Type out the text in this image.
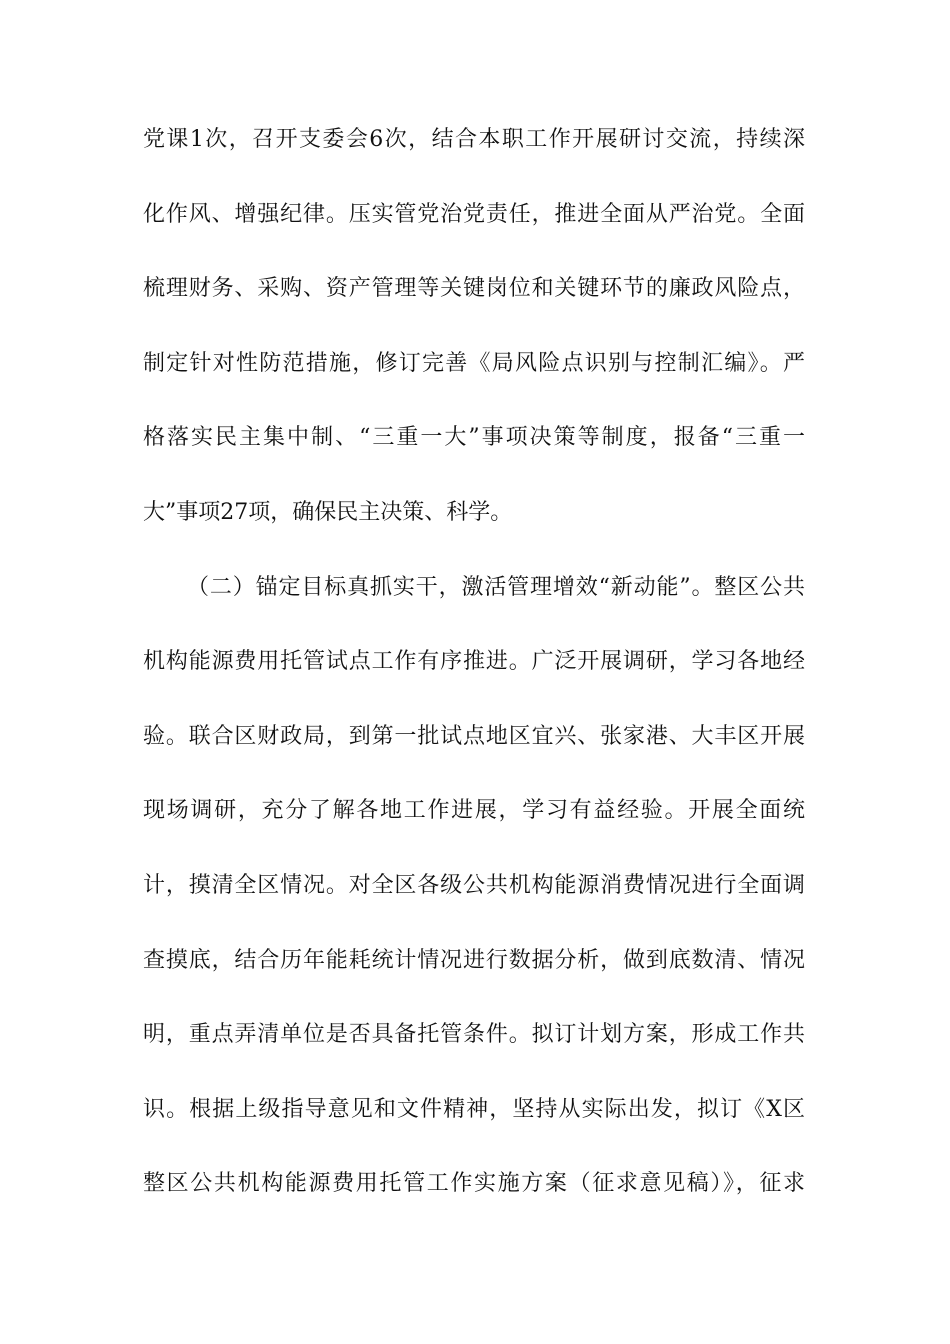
党课1次，召开支委会6次，结合本职工作开展研讨交流，持续深
化作风、增强纪律。压实管党治党责任，推进全面从严治党。全面
梳理财务、采购、资产管理等关键岗位和关键环节的廉政风险点，
制定针对性防范措施，修订完善《局风险点识别与控制汇编》。严
格落实民主集中制、“三重一大”事项决策等制度，报备“三重一
大”事项27项，确保民主决策、科学。
（二）锚定目标真抓实干，激活管理增效“新动能”。整区公共
机构能源费用托管试点工作有序推进。广泛开展调研，学习各地经
验。联合区财政局，到第一批试点地区宜兴、张家港、大丰区开展
现场调研，充分了解各地工作进展，学习有益经验。开展全面统
计，摸清全区情况。对全区各级公共机构能源消费情况进行全面调
查摸底，结合历年能耗统计情况进行数据分析，做到底数清、情况
明，重点弄清单位是否具备托管条件。拟订计划方案，形成工作共
识。根据上级指导意见和文件精神，坚持从实际出发，拟订《X区
整区公共机构能源费用托管工作实施方案（征求意见稿）》，征求
